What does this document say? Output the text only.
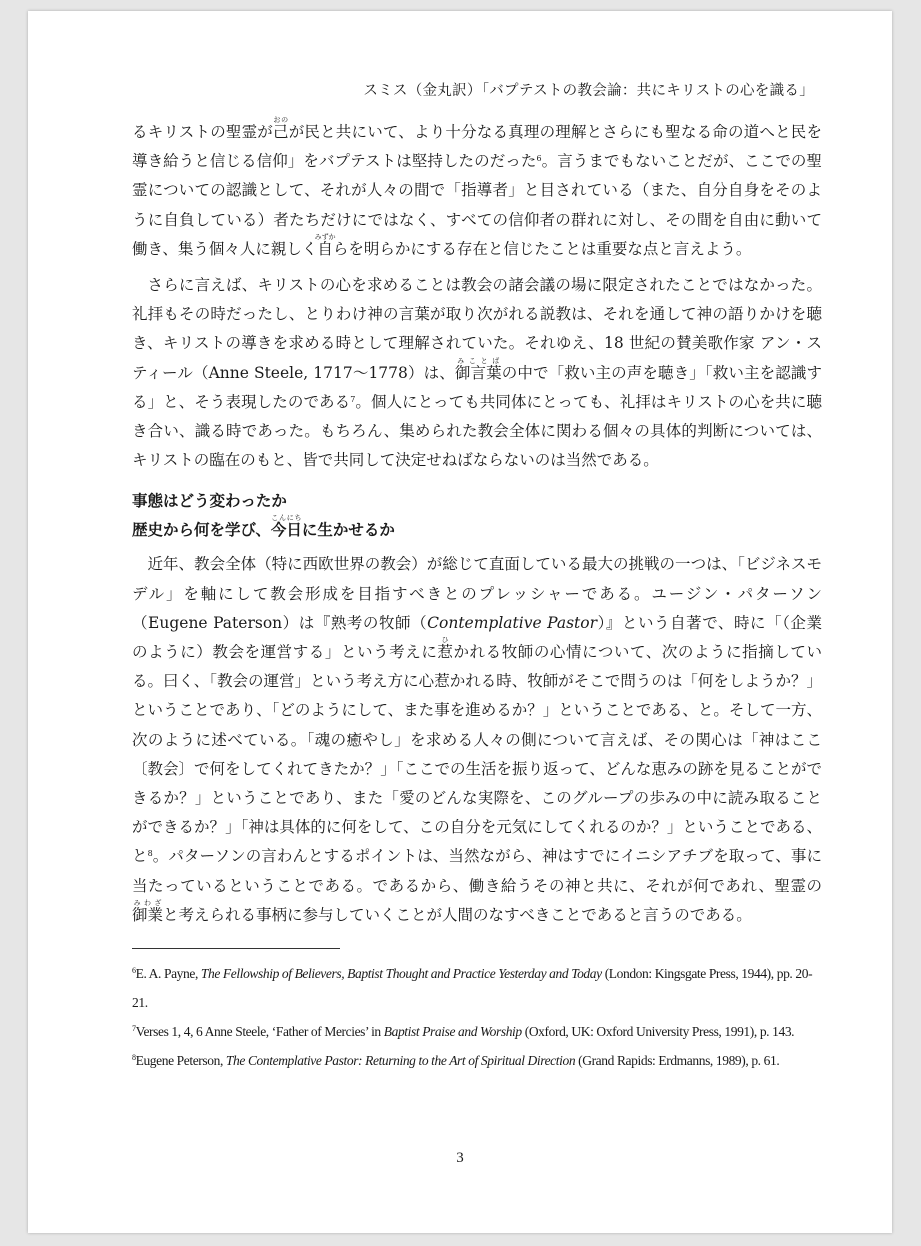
スミス（金丸訳）「バプテストの教会論：共にキリストの心を識る」

るキリストの聖霊が己おのが民と共にいて、より十分なる真理の理解とさらにも聖なる命の道へと民を導き給うと信じる信仰」をバプテストは堅持したのだった$^6$。言うまでもないことだが、ここでの聖霊についての認識として、それが人々の間で「指導者」と目されている（また、自分自身をそのように自負している）者たちだけにではなく、すべての信仰者の群れに対し、その間を自由に動いて働き、集う個々人に親しく自みずからを明らかにする存在と信じたことは重要な点と言えよう。

さらに言えば、キリストの心を求めることは教会の諸会議の場に限定されたことではなかった。礼拝もその時だったし、とりわけ神の言葉が取り次がれる説教は、それを通して神の語りかけを聴き、キリストの導きを求める時として理解されていた。それゆえ、18 世紀の賛美歌作家 アン・スティール（Anne Steele, 1717〜1778）は、御言葉みことばの中で「救い主の声を聴き」「救い主を認識する」と、そう表現したのである$^7$。個人にとっても共同体にとっても、礼拝はキリストの心を共に聴き合い、識る時であった。もちろん、集められた教会全体に関わる個々の具体的判断については、キリストの臨在のもと、皆で共同して決定せねばならないのは当然である。

事態はどう変わったか

歴史から何を学び、今日こんにちに生かせるか

近年、教会全体（特に西欧世界の教会）が総じて直面している最大の挑戦の一つは、「ビジネスモデル」を軸にして教会形成を目指すべきとのプレッシャーである。ユージン・パターソン（Eugene Paterson）は『熟考の牧師（Contemplative Pastor）』という自著で、時に「（企業のように）教会を運営する」という考えに惹ひかれる牧師の心情について、次のように指摘している。曰く、「教会の運営」という考え方に心惹かれる時、牧師がそこで問うのは「何をしようか？」ということであり、「どのようにして、また事を進めるか？」ということである、と。そして一方、次のように述べている。「魂の癒やし」を求める人々の側について言えば、その関心は「神はここ〔教会〕で何をしてくれてきたか？」「ここでの生活を振り返って、どんな恵みの跡を見ることができるか？」ということであり、また「愛のどんな実際を、このグループの歩みの中に読み取ることができるか？」「神は具体的に何をして、この自分を元気にしてくれるのか？」ということである、と$^8$。パターソンの言わんとするポイントは、当然ながら、神はすでにイニシアチブを取って、事に当たっているということである。であるから、働き給うその神と共に、それが何であれ、聖霊の御業みわざと考えられる事柄に参与していくことが人間のなすべきことであると言うのである。

$^6$E. A. Payne, The Fellowship of Believers, Baptist Thought and Practice Yesterday and Today (London: Kingsgate Press, 1944), pp. 20-21.

$^7$Verses 1, 4, 6 Anne Steele, ‘Father of Mercies’ in Baptist Praise and Worship (Oxford, UK: Oxford University Press, 1991), p. 143.

$^8$Eugene Peterson, The Contemplative Pastor: Returning to the Art of Spiritual Direction (Grand Rapids: Erdmanns, 1989), p. 61.

3
